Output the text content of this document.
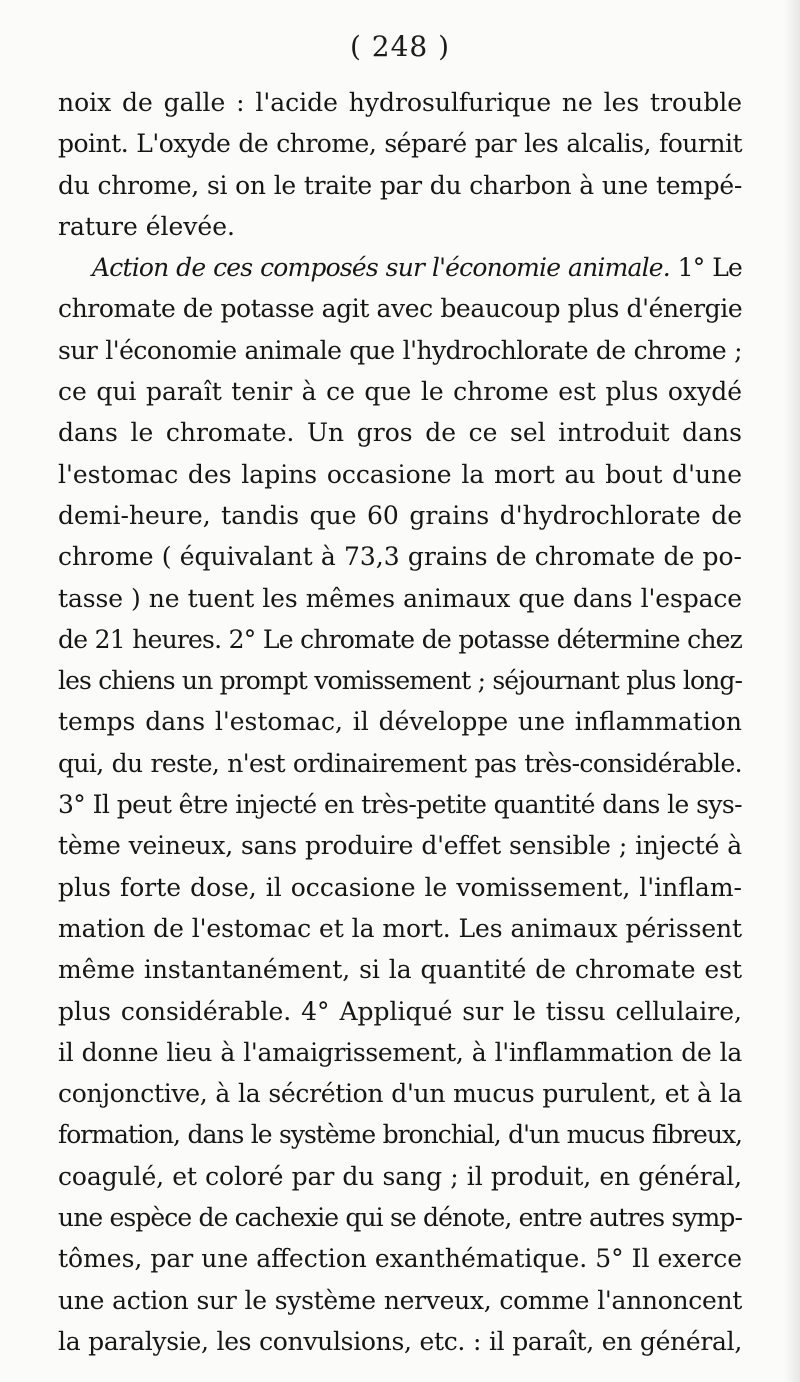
( 248 )
noix de galle : l'acide hydrosulfurique ne les trouble
point. L'oxyde de chrome, séparé par les alcalis, fournit
du chrome, si on le traite par du charbon à une tempé-
rature élevée.
Action de ces composés sur l'économie animale. 1° Le
chromate de potasse agit avec beaucoup plus d'énergie
sur l'économie animale que l'hydrochlorate de chrome ;
ce qui paraît tenir à ce que le chrome est plus oxydé
dans le chromate. Un gros de ce sel introduit dans
l'estomac des lapins occasione la mort au bout d'une
demi-heure, tandis que 60 grains d'hydrochlorate de
chrome ( équivalant à 73,3 grains de chromate de po-
tasse ) ne tuent les mêmes animaux que dans l'espace
de 21 heures. 2° Le chromate de potasse détermine chez
les chiens un prompt vomissement ; séjournant plus long-
temps dans l'estomac, il développe une inflammation
qui, du reste, n'est ordinairement pas très-considérable.
3° Il peut être injecté en très-petite quantité dans le sys-
tème veineux, sans produire d'effet sensible ; injecté à
plus forte dose, il occasione le vomissement, l'inflam-
mation de l'estomac et la mort. Les animaux périssent
même instantanément, si la quantité de chromate est
plus considérable. 4° Appliqué sur le tissu cellulaire,
il donne lieu à l'amaigrissement, à l'inflammation de la
conjonctive, à la sécrétion d'un mucus purulent, et à la
formation, dans le système bronchial, d'un mucus fibreux,
coagulé, et coloré par du sang ; il produit, en général,
une espèce de cachexie qui se dénote, entre autres symp-
tômes, par une affection exanthématique. 5° Il exerce
une action sur le système nerveux, comme l'annoncent
la paralysie, les convulsions, etc. : il paraît, en général,
